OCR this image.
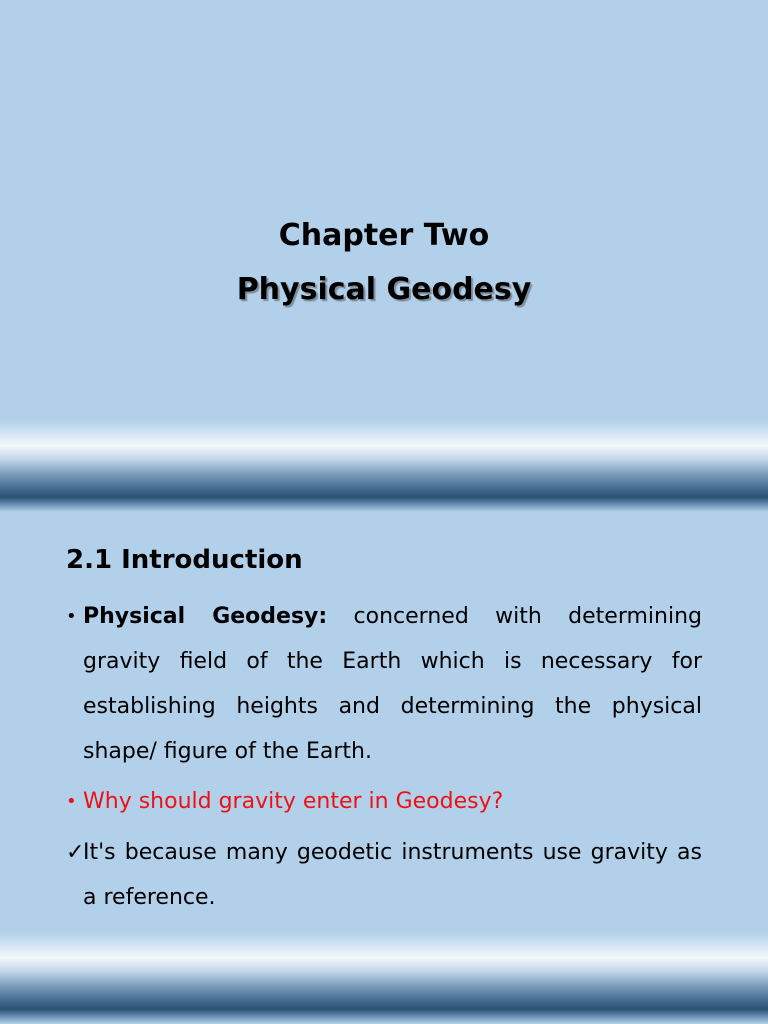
Chapter Two

Physical Geodesy

2.1 Introduction

• Physical Geodesy: concerned with determining gravity field of the Earth which is necessary for establishing heights and determining the physical shape/ figure of the Earth.

• Why should gravity enter in Geodesy?

✓
It's because many geodetic instruments use gravity as a reference.
